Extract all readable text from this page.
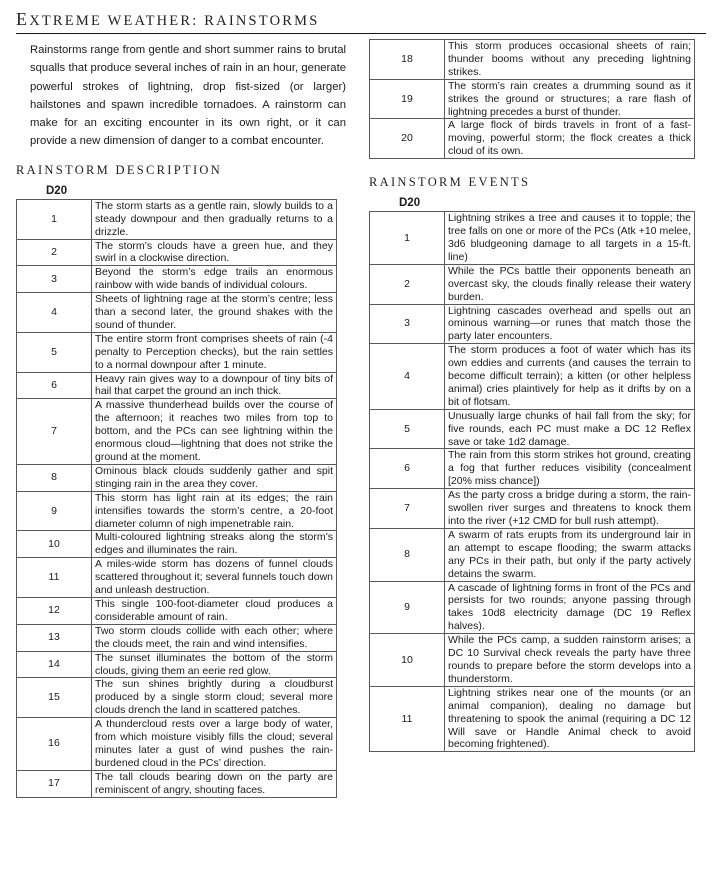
EXTREME WEATHER: RAINSTORMS

Rainstorms range from gentle and short summer rains to brutal squalls that produce several inches of rain in an hour, generate powerful strokes of lightning, drop fist-sized (or larger) hailstones and spawn incredible tornadoes. A rainstorm can make for an exciting encounter in its own right, or it can provide a new dimension of danger to a combat encounter.

RAINSTORM DESCRIPTION
D20
1	The storm starts as a gentle rain, slowly builds to a steady downpour and then gradually returns to a drizzle.
2	The storm’s clouds have a green hue, and they swirl in a clockwise direction.
3	Beyond the storm’s edge trails an enormous rainbow with wide bands of individual colours.
4	Sheets of lightning rage at the storm’s centre; less than a second later, the ground shakes with the sound of thunder.
5	The entire storm front comprises sheets of rain (-4 penalty to Perception checks), but the rain settles to a normal downpour after 1 minute.
6	Heavy rain gives way to a downpour of tiny bits of hail that carpet the ground an inch thick.
7	A massive thunderhead builds over the course of the afternoon; it reaches two miles from top to bottom, and the PCs can see lightning within the enormous cloud—lightning that does not strike the ground at the moment.
8	Ominous black clouds suddenly gather and spit stinging rain in the area they cover.
9	This storm has light rain at its edges; the rain intensifies towards the storm’s centre, a 20-foot diameter column of nigh impenetrable rain.
10	Multi-coloured lightning streaks along the storm’s edges and illuminates the rain.
11	A miles-wide storm has dozens of funnel clouds scattered throughout it; several funnels touch down and unleash destruction.
12	This single 100-foot-diameter cloud produces a considerable amount of rain.
13	Two storm clouds collide with each other; where the clouds meet, the rain and wind intensifies.
14	The sunset illuminates the bottom of the storm clouds, giving them an eerie red glow.
15	The sun shines brightly during a cloudburst produced by a single storm cloud; several more clouds drench the land in scattered patches.
16	A thundercloud rests over a large body of water, from which moisture visibly fills the cloud; several minutes later a gust of wind pushes the rain-burdened cloud in the PCs’ direction.
17	The tall clouds bearing down on the party are reminiscent of angry, shouting faces.
18	This storm produces occasional sheets of rain; thunder booms without any preceding lightning strikes.
19	The storm’s rain creates a drumming sound as it strikes the ground or structures; a rare flash of lightning precedes a burst of thunder.
20	A large flock of birds travels in front of a fast-moving, powerful storm; the flock creates a thick cloud of its own.
RAINSTORM EVENTS
D20
1	Lightning strikes a tree and causes it to topple; the tree falls on one or more of the PCs (Atk +10 melee, 3d6 bludgeoning damage to all targets in a 15-ft. line)
2	While the PCs battle their opponents beneath an overcast sky, the clouds finally release their watery burden.
3	Lightning cascades overhead and spells out an ominous warning—or runes that match those the party later encounters.
4	The storm produces a foot of water which has its own eddies and currents (and causes the terrain to become difficult terrain); a kitten (or other helpless animal) cries plaintively for help as it drifts by on a bit of flotsam.
5	Unusually large chunks of hail fall from the sky; for five rounds, each PC must make a DC 12 Reflex save or take 1d2 damage.
6	The rain from this storm strikes hot ground, creating a fog that further reduces visibility (concealment [20% miss chance])
7	As the party cross a bridge during a storm, the rain-swollen river surges and threatens to knock them into the river (+12 CMD for bull rush attempt).
8	A swarm of rats erupts from its underground lair in an attempt to escape flooding; the swarm attacks any PCs in their path, but only if the party actively detains the swarm.
9	A cascade of lightning forms in front of the PCs and persists for two rounds; anyone passing through takes 10d8 electricity damage (DC 19 Reflex halves).
10	While the PCs camp, a sudden rainstorm arises; a DC 10 Survival check reveals the party have three rounds to prepare before the storm develops into a thunderstorm.
11	Lightning strikes near one of the mounts (or an animal companion), dealing no damage but threatening to spook the animal (requiring a DC 12 Will save or Handle Animal check to avoid becoming frightened).
